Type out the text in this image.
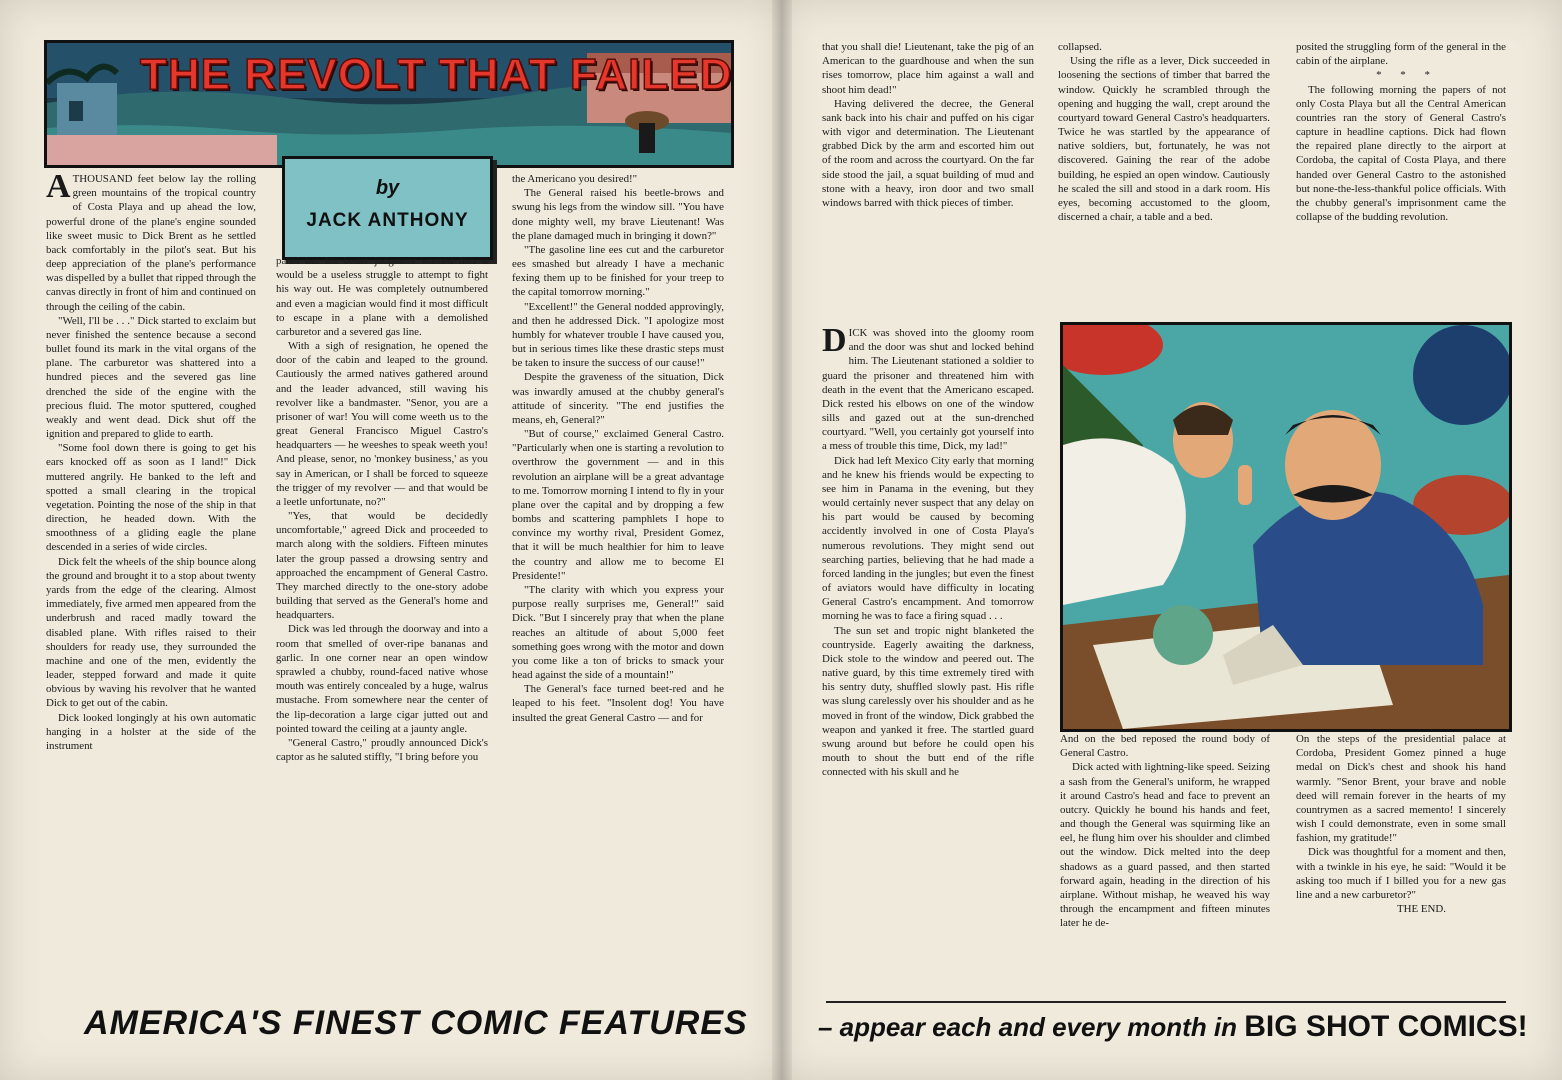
THE REVOLT THAT FAILED
by
JACK ANTHONY

ATHOUSAND feet below lay the rolling green mountains of the tropical country of Costa Playa and up ahead the low, powerful drone of the plane's engine sounded like sweet music to Dick Brent as he settled back comfortably in the pilot's seat. But his deep appreciation of the plane's performance was dispelled by a bullet that ripped through the canvas directly in front of him and continued on through the ceiling of the cabin.

"Well, I'll be . . ." Dick started to exclaim but never finished the sentence because a second bullet found its mark in the vital organs of the plane. The carburetor was shattered into a hundred pieces and the severed gas line drenched the side of the engine with the precious fluid. The motor sputtered, coughed weakly and went dead. Dick shut off the ignition and prepared to glide to earth.

"Some fool down there is going to get his ears knocked off as soon as I land!" Dick muttered angrily. He banked to the left and spotted a small clearing in the tropical vegetation. Pointing the nose of the ship in that direction, he headed down. With the smoothness of a gliding eagle the plane descended in a series of wide circles.

Dick felt the wheels of the ship bounce along the ground and brought it to a stop about twenty yards from the edge of the clearing. Almost immediately, five armed men appeared from the underbrush and raced madly toward the disabled plane. With rifles raised to their shoulders for ready use, they surrounded the machine and one of the men, evidently the leader, stepped forward and made it quite obvious by waving his revolver that he wanted Dick to get out of the cabin.

Dick looked longingly at his own automatic hanging in a holster at the side of the instrument

panel but his better judgment warned him it would be a useless struggle to attempt to fight his way out. He was completely outnumbered and even a magician would find it most difficult to escape in a plane with a demolished carburetor and a severed gas line.

With a sigh of resignation, he opened the door of the cabin and leaped to the ground. Cautiously the armed natives gathered around and the leader advanced, still waving his revolver like a bandmaster. "Senor, you are a prisoner of war! You will come weeth us to the great General Francisco Miguel Castro's headquarters — he weeshes to speak weeth you! And please, senor, no 'monkey business,' as you say in American, or I shall be forced to squeeze the trigger of my revolver — and that would be a leetle unfortunate, no?"

"Yes, that would be decidedly uncomfortable," agreed Dick and proceeded to march along with the soldiers. Fifteen minutes later the group passed a drowsing sentry and approached the encampment of General Castro. They marched directly to the one-story adobe building that served as the General's home and headquarters.

Dick was led through the doorway and into a room that smelled of over-ripe bananas and garlic. In one corner near an open window sprawled a chubby, round-faced native whose mouth was entirely concealed by a huge, walrus mustache. From somewhere near the center of the lip-decoration a large cigar jutted out and pointed toward the ceiling at a jaunty angle.

"General Castro," proudly announced Dick's captor as he saluted stiffly, "I bring before you

the Americano you desired!"

The General raised his beetle-brows and swung his legs from the window sill. "You have done mighty well, my brave Lieutenant! Was the plane damaged much in bringing it down?"

"The gasoline line ees cut and the carburetor ees smashed but already I have a mechanic fexing them up to be finished for your treep to the capital tomorrow morning."

"Excellent!" the General nodded approvingly, and then he addressed Dick. "I apologize most humbly for whatever trouble I have caused you, but in serious times like these drastic steps must be taken to insure the success of our cause!"

Despite the graveness of the situation, Dick was inwardly amused at the chubby general's attitude of sincerity. "The end justifies the means, eh, General?"

"But of course," exclaimed General Castro. "Particularly when one is starting a revolution to overthrow the government — and in this revolution an airplane will be a great advantage to me. Tomorrow morning I intend to fly in your plane over the capital and by dropping a few bombs and scattering pamphlets I hope to convince my worthy rival, President Gomez, that it will be much healthier for him to leave the country and allow me to become El Presidente!"

"The clarity with which you express your purpose really surprises me, General!" said Dick. "But I sincerely pray that when the plane reaches an altitude of about 5,000 feet something goes wrong with the motor and down you come like a ton of bricks to smack your head against the side of a mountain!"

The General's face turned beet-red and he leaped to his feet. "Insolent dog! You have insulted the great General Castro — and for

that you shall die! Lieutenant, take the pig of an American to the guardhouse and when the sun rises tomorrow, place him against a wall and shoot him dead!"

Having delivered the decree, the General sank back into his chair and puffed on his cigar with vigor and determination. The Lieutenant grabbed Dick by the arm and escorted him out of the room and across the courtyard. On the far side stood the jail, a squat building of mud and stone with a heavy, iron door and two small windows barred with thick pieces of timber.

DICK was shoved into the gloomy room and the door was shut and locked behind him. The Lieutenant stationed a soldier to guard the prisoner and threatened him with death in the event that the Americano escaped. Dick rested his elbows on one of the window sills and gazed out at the sun-drenched courtyard. "Well, you certainly got yourself into a mess of trouble this time, Dick, my lad!"

Dick had left Mexico City early that morning and he knew his friends would be expecting to see him in Panama in the evening, but they would certainly never suspect that any delay on his part would be caused by becoming accidently involved in one of Costa Playa's numerous revolutions. They might send out searching parties, believing that he had made a forced landing in the jungles; but even the finest of aviators would have difficulty in locating General Castro's encampment. And tomorrow morning he was to face a firing squad . . .

The sun set and tropic night blanketed the countryside. Eagerly awaiting the darkness, Dick stole to the window and peered out. The native guard, by this time extremely tired with his sentry duty, shuffled slowly past. His rifle was slung carelessly over his shoulder and as he moved in front of the window, Dick grabbed the weapon and yanked it free. The startled guard swung around but before he could open his mouth to shout the butt end of the rifle connected with his skull and he

collapsed.

Using the rifle as a lever, Dick succeeded in loosening the sections of timber that barred the window. Quickly he scrambled through the opening and hugging the wall, crept around the courtyard toward General Castro's headquarters. Twice he was startled by the appearance of native soldiers, but, fortunately, he was not discovered. Gaining the rear of the adobe building, he espied an open window. Cautiously he scaled the sill and stood in a dark room. His eyes, becoming accustomed to the gloom, discerned a chair, a table and a bed.

And on the bed reposed the round body of General Castro.

Dick acted with lightning-like speed. Seizing a sash from the General's uniform, he wrapped it around Castro's head and face to prevent an outcry. Quickly he bound his hands and feet, and though the General was squirming like an eel, he flung him over his shoulder and climbed out the window. Dick melted into the deep shadows as a guard passed, and then started forward again, heading in the direction of his airplane. Without mishap, he weaved his way through the encampment and fifteen minutes later he de-

posited the struggling form of the general in the cabin of the airplane.

* * *

The following morning the papers of not only Costa Playa but all the Central American countries ran the story of General Castro's capture in headline captions. Dick had flown the repaired plane directly to the airport at Cordoba, the capital of Costa Playa, and there handed over General Castro to the astonished but none-the-less-thankful police officials. With the chubby general's imprisonment came the collapse of the budding revolution.

On the steps of the presidential palace at Cordoba, President Gomez pinned a huge medal on Dick's chest and shook his hand warmly. "Senor Brent, your brave and noble deed will remain forever in the hearts of my countrymen as a sacred memento! I sincerely wish I could demonstrate, even in some small fashion, my gratitude!"

Dick was thoughtful for a moment and then, with a twinkle in his eye, he said: "Would it be asking too much if I billed you for a new gas line and a new carburetor?"

THE END.

AMERICA'S FINEST COMIC FEATURES	– appear each and every month in BIG SHOT COMICS!
